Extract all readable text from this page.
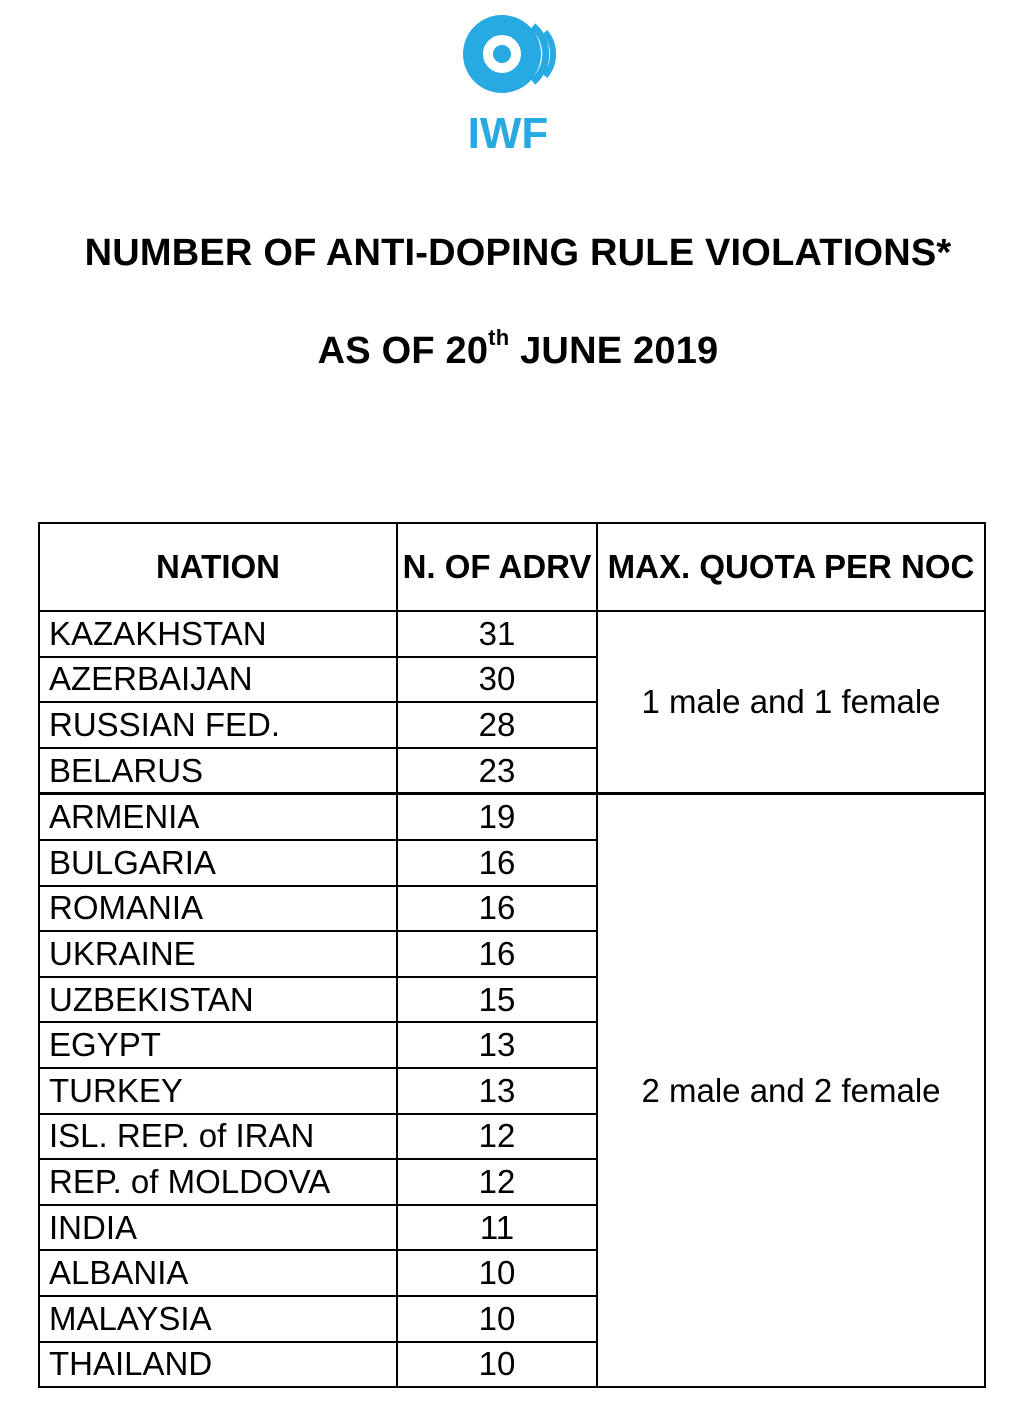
IWF
NUMBER OF ANTI-DOPING RULE VIOLATIONS*
AS OF 20th JUNE 2019
NATION	N. OF ADRV	MAX. QUOTA PER NOC
KAZAKHSTAN	31	1 male and 1 female
AZERBAIJAN	30	
RUSSIAN FED.	28	
BELARUS	23	
ARMENIA	19	2 male and 2 female
BULGARIA	16	
ROMANIA	16	
UKRAINE	16	
UZBEKISTAN	15	
EGYPT	13	
TURKEY	13	
ISL. REP. of IRAN	12	
REP. of MOLDOVA	12	
INDIA	11	
ALBANIA	10	
MALAYSIA	10	
THAILAND	10	
